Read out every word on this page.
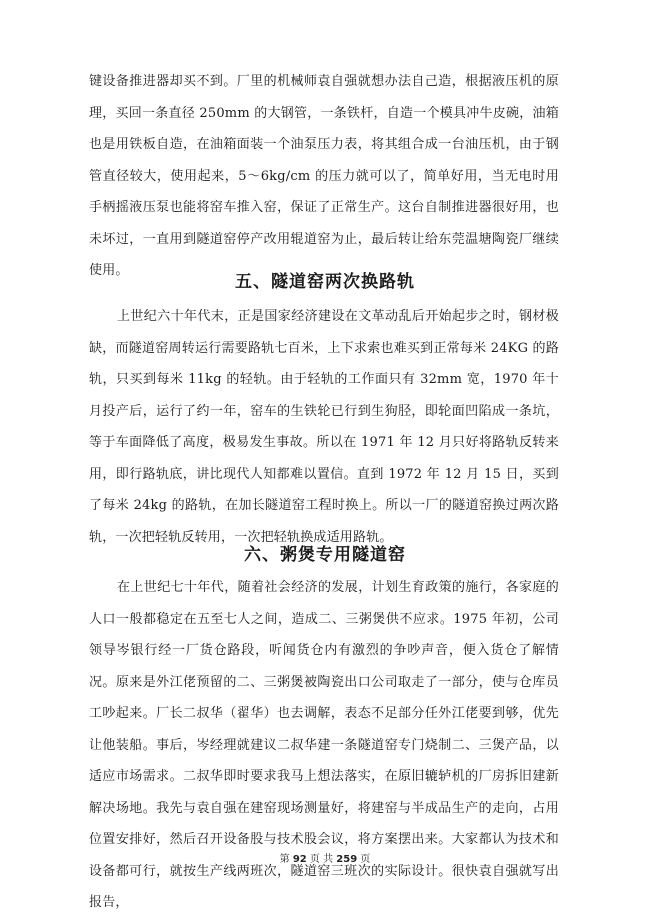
键设备推进器却买不到。厂里的机械师袁自强就想办法自己造，根据液压机的原理，买回一条直径 250mm 的大钢管，一条铁杆，自造一个模具冲牛皮碗，油箱也是用铁板自造，在油箱面装一个油泵压力表，将其组合成一台油压机，由于钢管直径较大，使用起来，5～6kg/cm 的压力就可以了，简单好用，当无电时用手柄摇液压泵也能将窑车推入窑，保证了正常生产。这台自制推进器很好用，也未坏过，一直用到隧道窑停产改用辊道窑为止，最后转让给东莞温塘陶瓷厂继续使用。

五、隧道窑两次换路轨

上世纪六十年代末，正是国家经济建设在文革动乱后开始起步之时，钢材极缺，而隧道窑周转运行需要路轨七百米，上下求索也难买到正常每米 24KG 的路轨，只买到每米 11kg 的轻轨。由于轻轨的工作面只有 32mm 宽，1970 年十月投产后，运行了约一年，窑车的生铁轮已行到生狗胫，即轮面凹陷成一条坑，等于车面降低了高度，极易发生事故。所以在 1971 年 12 月只好将路轨反转来用，即行路轨底，讲比现代人知都难以置信。直到 1972 年 12 月 15 日，买到了每米 24kg 的路轨，在加长隧道窑工程时换上。所以一厂的隧道窑换过两次路轨，一次把轻轨反转用，一次把轻轨换成适用路轨。

六、粥煲专用隧道窑

在上世纪七十年代，随着社会经济的发展，计划生育政策的施行，各家庭的人口一般都稳定在五至七人之间，造成二、三粥煲供不应求。1975 年初，公司领导岑银行经一厂货仓路段，听闻货仓内有激烈的争吵声音，便入货仓了解情况。原来是外江佬预留的二、三粥煲被陶瓷出口公司取走了一部分，使与仓库员工吵起来。厂长二叔华（翟华）也去调解，表态不足部分任外江佬要到够，优先让他装船。事后，岑经理就建议二叔华建一条隧道窑专门烧制二、三煲产品，以适应市场需求。二叔华即时要求我马上想法落实，在原旧辘轳机的厂房拆旧建新解决场地。我先与袁自强在建窑现场测量好，将建窑与半成品生产的走向，占用位置安排好，然后召开设备股与技术股会议，将方案摆出来。大家都认为技术和设备都可行，就按生产线两班次，隧道窑三班次的实际设计。很快袁自强就写出报告，

第 92 页 共 259 页
